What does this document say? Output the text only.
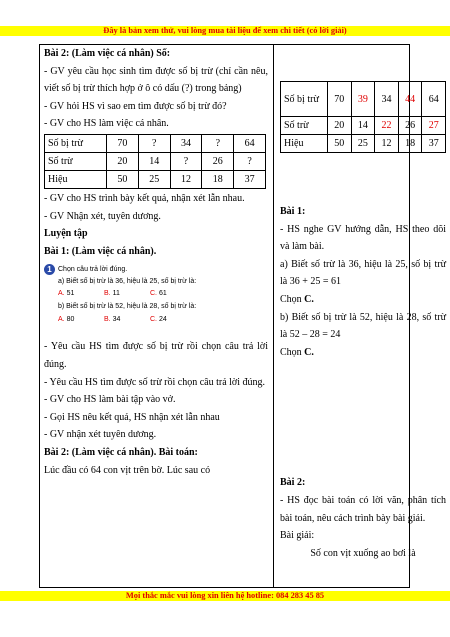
Đây là bản xem thử, vui lòng mua tài liệu để xem chi tiết (có lời giải)

Bài 2: (Làm việc cá nhân) Số:

- GV yêu cầu học sinh tìm được số bị trừ (chỉ cần nêu, viết số bị trừ thích hợp ở ô có dấu (?) trong bảng)

- GV hỏi HS vì sao em tìm được số bị trừ đó?

- GV cho HS làm việc cá nhân.

Số bị trừ	70	?	34	?	64
Số trừ	20	14	?	26	?
Hiệu	50	25	12	18	37

- GV cho HS trình bày kết quả, nhận xét lẫn nhau.

- GV Nhận xét, tuyên dương.

Luyện tập

Bài 1: (Làm việc cá nhân).

1 Chọn câu trả lời đúng.
a) Biết số bị trừ là 36, hiệu là 25, số bị trừ là:
A. 51	B. 11	C. 61
b) Biết số bị trừ là 52, hiệu là 28, số bị trừ là:
A. 80	B. 34	C. 24

- Yêu cầu HS tìm được số bị trừ rồi chọn câu trả lời đúng.

- Yêu cầu HS tìm được số trừ rồi chọn câu trả lời đúng.

- GV cho HS làm bài tập vào vở.

- Gọi HS nêu kết quả, HS nhận xét lẫn nhau

- GV nhận xét tuyên dương.

Bài 2: (Làm việc cá nhân). Bài toán:

Lúc đầu có 64 con vịt trên bờ. Lúc sau có

Số bị trừ	70	39	34	44	64
Số trừ	20	14	22	26	27
Hiệu	50	25	12	18	37

Bài 1:

- HS nghe GV hướng dẫn, HS theo dõi và làm bài.

a) Biết số trừ là 36, hiệu là 25, số bị trừ là 36 + 25 = 61

Chọn C.

b) Biết số bị trừ là 52, hiệu là 28, số trừ là 52 – 28 = 24

Chọn C.

Bài 2:

- HS đọc bài toán có lời văn, phân tích bài toán, nêu cách trình bày bài giải.

Bài giải:

Số con vịt xuống ao bơi là

Mọi thắc mắc vui lòng xin liên hệ hotline: 084 283 45 85
